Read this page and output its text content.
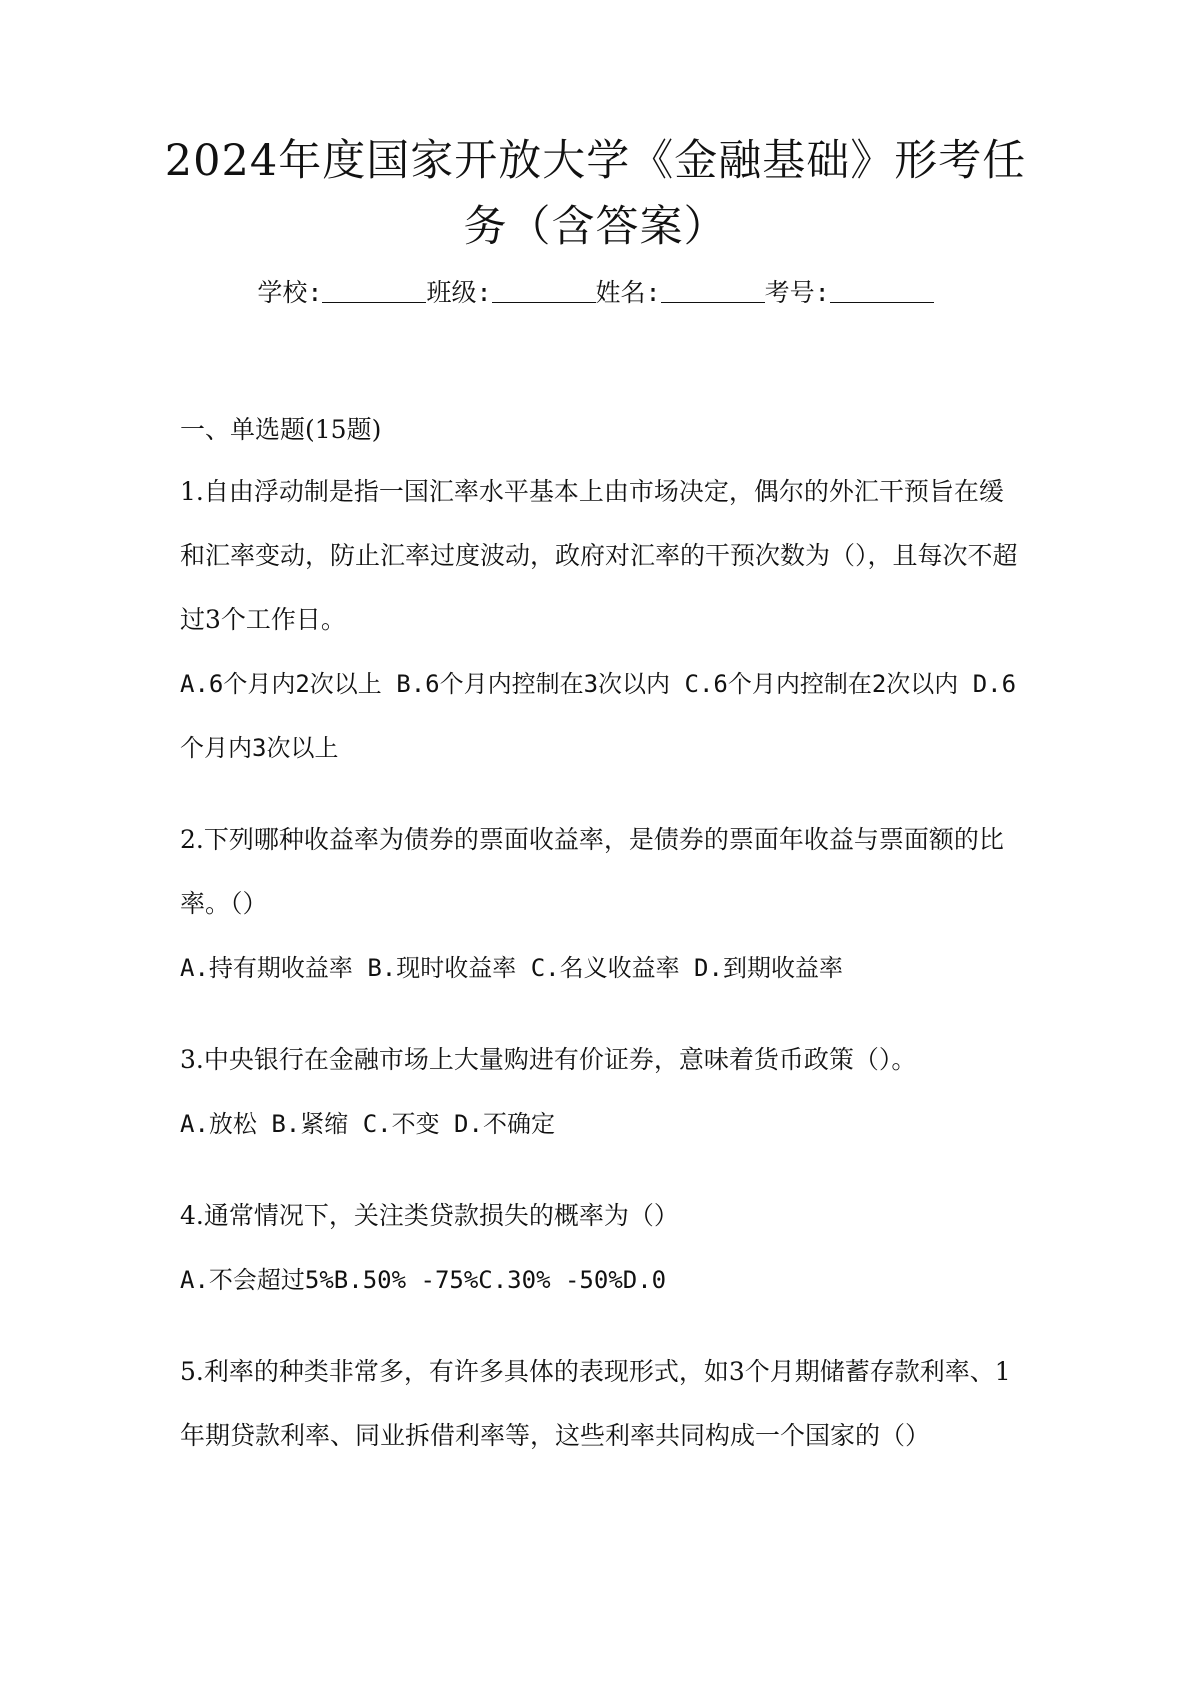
2024年度国家开放大学《金融基础》形考任
务（含答案）
学校:	班级:	姓名:	考号:

一、单选题(15题)

1.自由浮动制是指一国汇率水平基本上由市场决定，偶尔的外汇干预旨在缓和汇率变动，防止汇率过度波动，政府对汇率的干预次数为（），且每次不超过3个工作日。

A.6个月内2次以上 B.6个月内控制在3次以内 C.6个月内控制在2次以内 D.6个月内3次以上

2.下列哪种收益率为债券的票面收益率，是债券的票面年收益与票面额的比率。（）

A.持有期收益率 B.现时收益率 C.名义收益率 D.到期收益率

3.中央银行在金融市场上大量购进有价证券，意味着货币政策（）。

A.放松 B.紧缩 C.不变 D.不确定

4.通常情况下，关注类贷款损失的概率为（）

A.不会超过5%B.50% -75%C.30% -50%D.0

5.利率的种类非常多，有许多具体的表现形式，如3个月期储蓄存款利率、1年期贷款利率、同业拆借利率等，这些利率共同构成一个国家的（）
